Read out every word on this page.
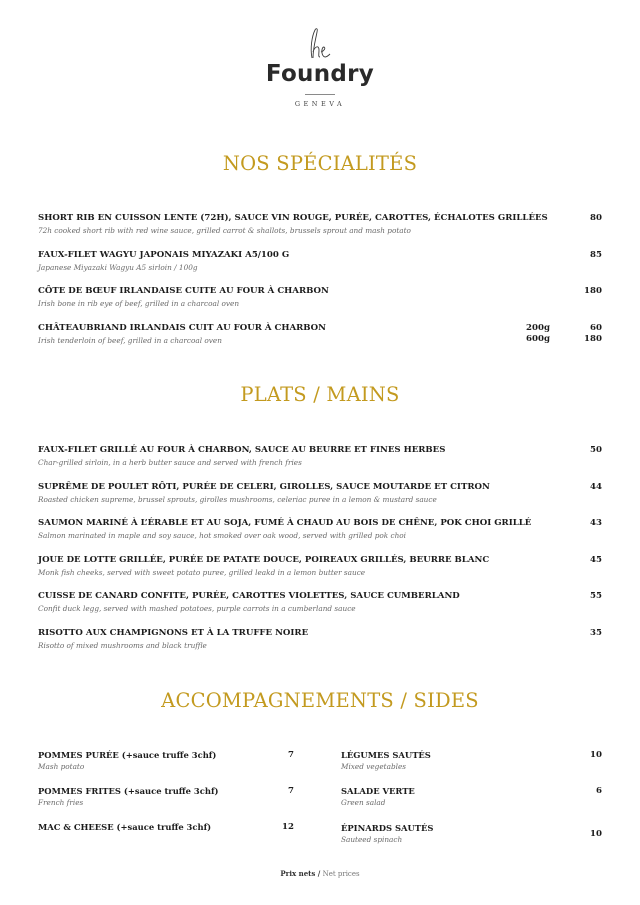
Foundry
GENEVA
NOS SPÉCIALITÉS
SHORT RIB EN CUISSON LENTE (72H), SAUCE VIN ROUGE, PURÉE, CAROTTES, ÉCHALOTES GRILLÉES
72h cooked short rib with red wine sauce, grilled carrot & shallots, brussels sprout and mash potato
80
FAUX-FILET WAGYU JAPONAIS MIYAZAKI A5/100 G
Japanese Miyazaki Wagyu A5 sirloin / 100g
85
CÔTE DE BŒUF IRLANDAISE CUITE AU FOUR À CHARBON
Irish bone in rib eye of beef, grilled in a charcoal oven
180
CHÂTEAUBRIAND IRLANDAIS CUIT AU FOUR À CHARBON
Irish tenderloin of beef, grilled in a charcoal oven
200g
600g
60
180
PLATS / MAINS
FAUX-FILET GRILLÉ AU FOUR À CHARBON, SAUCE AU BEURRE ET FINES HERBES
Char-grilled sirloin, in a herb butter sauce and served with french fries
50
SUPRÊME DE POULET RÔTI, PURÉE DE CELERI, GIROLLES, SAUCE MOUTARDE ET CITRON
Roasted chicken supreme, brussel sprouts, girolles mushrooms, celeriac puree in a lemon & mustard sauce
44
SAUMON MARINÉ À L’ÉRABLE ET AU SOJA, FUMÉ À CHAUD AU BOIS DE CHÊNE, POK CHOI GRILLÉ
Salmon marinated in maple and soy sauce, hot smoked over oak wood, served with grilled pok choi
43
JOUE DE LOTTE GRILLÉE, PURÉE DE PATATE DOUCE, POIREAUX GRILLÉS, BEURRE BLANC
Monk fish cheeks, served with sweet potato puree, grilled leakd in a lemon butter sauce
45
CUISSE DE CANARD CONFITE, PURÉE, CAROTTES VIOLETTES, SAUCE CUMBERLAND
Confit duck legg, served with mashed potatoes, purple carrots in a cumberland sauce
55
RISOTTO AUX CHAMPIGNONS ET À LA TRUFFE NOIRE
Risotto of mixed mushrooms and black truffle
35
ACCOMPAGNEMENTS / SIDES
POMMES PURÉE (+sauce truffe 3chf)
Mash potato
7
POMMES FRITES (+sauce truffe 3chf)
French fries
7
MAC & CHEESE (+sauce truffe 3chf)	12
LÉGUMES SAUTÉS
Mixed vegetables
10
SALADE VERTE
Green salad
6
ÉPINARDS SAUTÉS
Sauteed spinach
10
Prix nets / Net prices
